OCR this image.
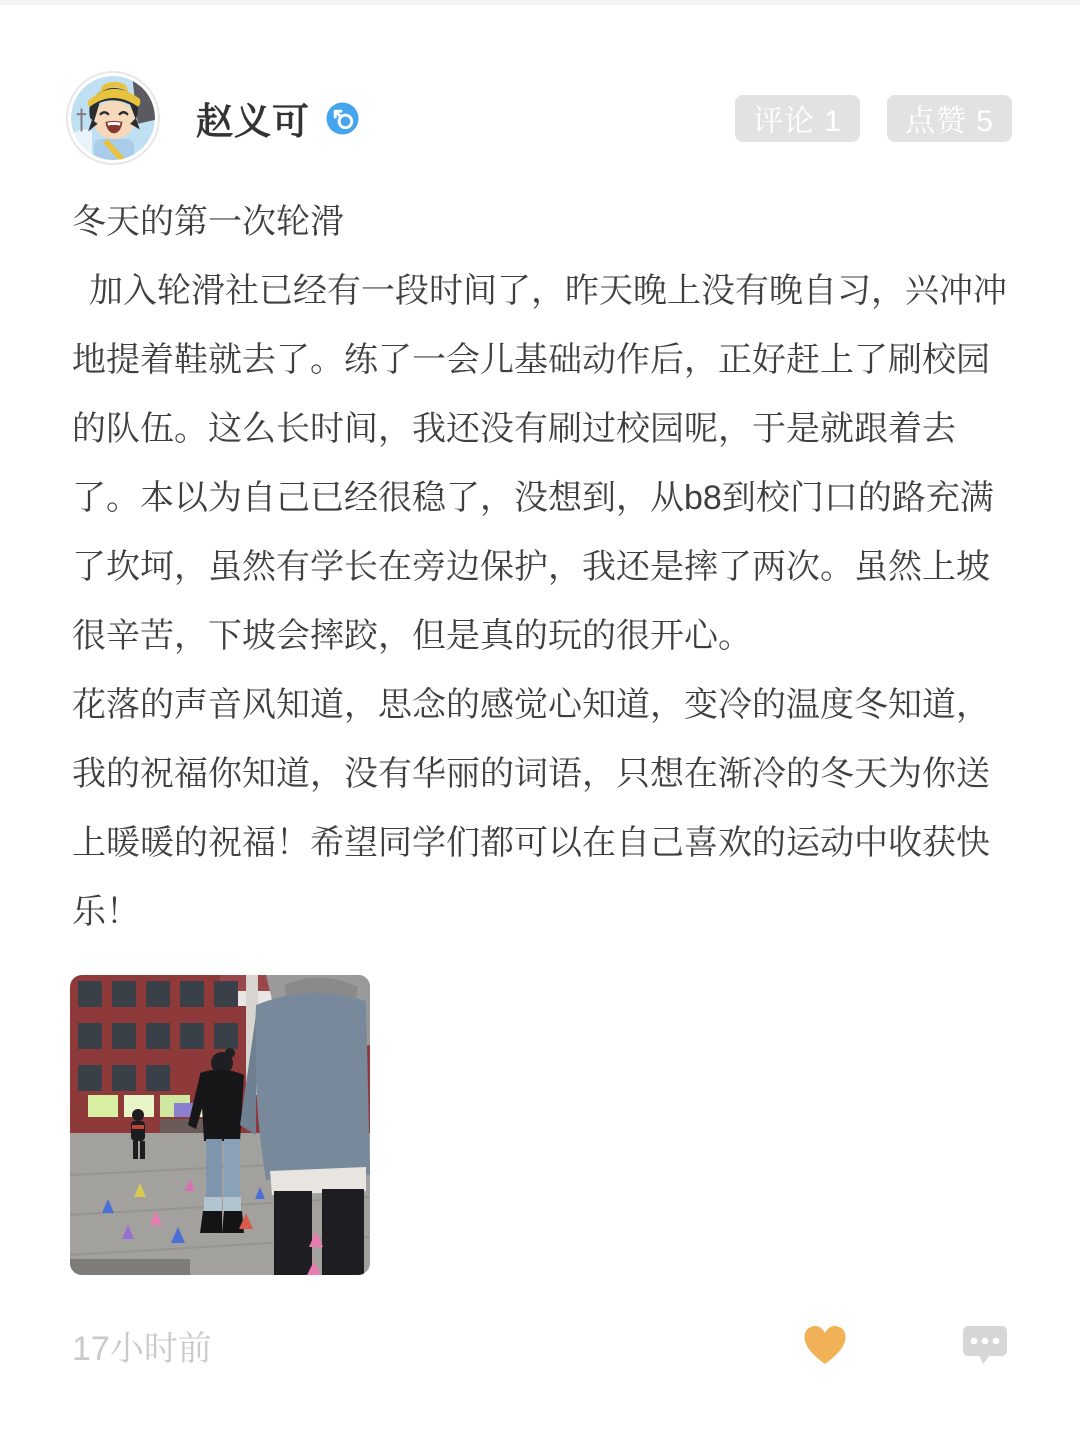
赵义可	评论 1	点赞 5

冬天的第一次轮滑

 加入轮滑社已经有一段时间了，昨天晚上没有晚自习，兴冲冲地提着鞋就去了。练了一会儿基础动作后，正好赶上了刷校园的队伍。这么长时间，我还没有刷过校园呢，于是就跟着去了。本以为自己已经很稳了，没想到，从b8到校门口的路充满了坎坷，虽然有学长在旁边保护，我还是摔了两次。虽然上坡很辛苦，下坡会摔跤，但是真的玩的很开心。

花落的声音风知道，思念的感觉心知道，变冷的温度冬知道，我的祝福你知道，没有华丽的词语，只想在渐冷的冬天为你送上暖暖的祝福！希望同学们都可以在自己喜欢的运动中收获快乐！

17小时前
